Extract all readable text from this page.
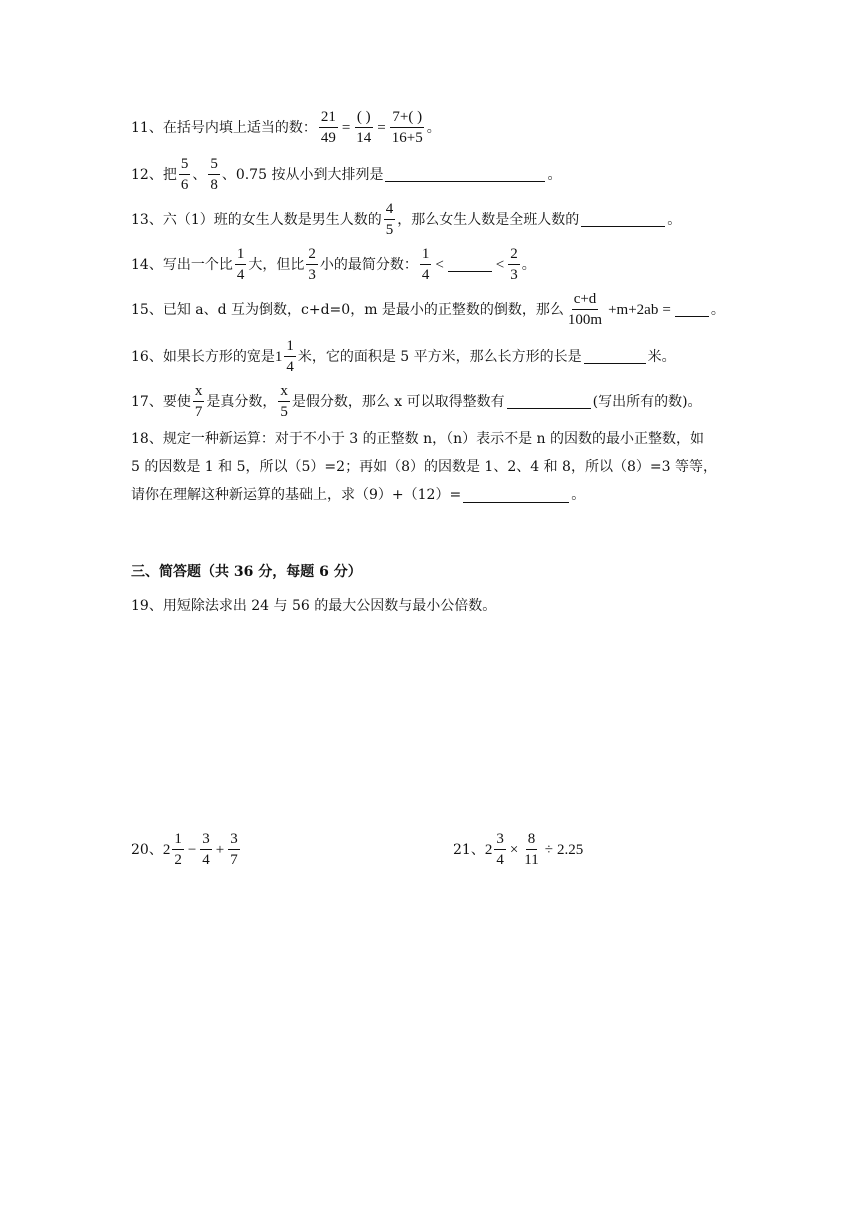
11、在括号内填上适当的数： $\frac{21}{49} = \frac{( )}{14} = \frac{7+( )}{16+5}$ 。
12、把 $\frac{5}{6}$ 、 $\frac{5}{8}$ 、0.75 按从小到大排列是	。
13、六（1）班的女生人数是男生人数的 $\frac{4}{5}$ ，那么女生人数是全班人数的	。
14、写出一个比 $\frac{1}{4}$ 大，但比 $\frac{2}{3}$ 小的最简分数： $\frac{1}{4}$ <	< $\frac{2}{3}$ 。
15、已知 a、d 互为倒数，c+d=0，m 是最小的正整数的倒数，那么 $\frac{c+d}{100m} +m+2ab$ =	。
16、如果长方形的宽是 $1 \frac{1}{4}$ 米，它的面积是 5 平方米，那么长方形的长是	米。
17、要使 $\frac{x}{7}$ 是真分数， $\frac{x}{5}$ 是假分数，那么 x 可以取得整数有	(写出所有的数)。
18、规定一种新运算：对于不小于 3 的正整数 n，（n）表示不是 n 的因数的最小正整数，如
5 的因数是 1 和 5，所以（5）=2；再如（8）的因数是 1、2、4 和 8，所以（8）=3 等等，
请你在理解这种新运算的基础上，求（9）+（12）=	。
三、简答题（共 36 分，每题 6 分）
19、用短除法求出 24 与 56 的最大公因数与最小公倍数。
20、 $2 \frac{1}{2} - \frac{3}{4} + \frac{3}{7}$	21、 $2 \frac{3}{4} \times \frac{8}{11} \div 2.25$
